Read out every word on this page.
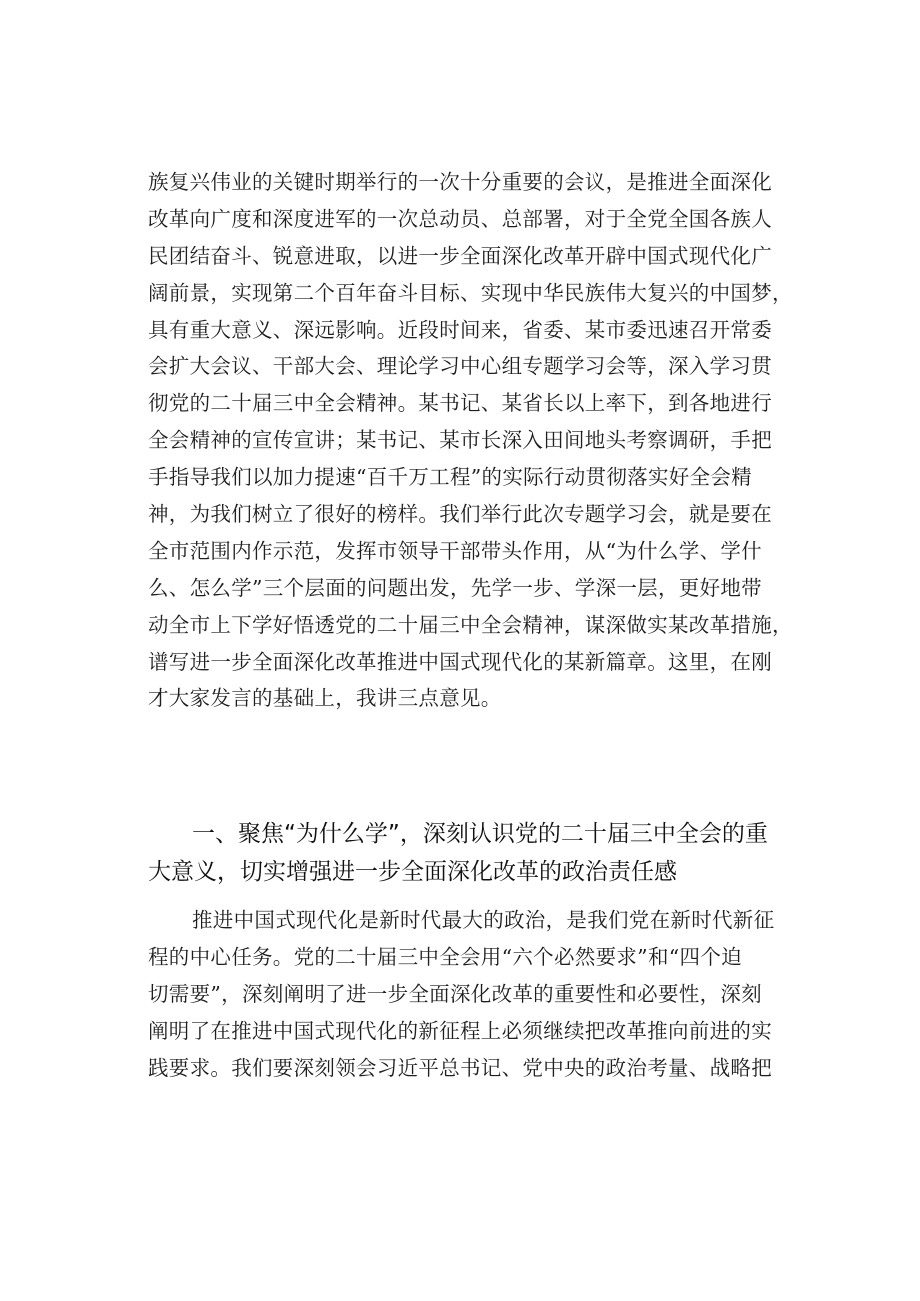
族复兴伟业的关键时期举行的一次十分重要的会议，是推进全面深化
改革向广度和深度进军的一次总动员、总部署，对于全党全国各族人
民团结奋斗、锐意进取，以进一步全面深化改革开辟中国式现代化广
阔前景，实现第二个百年奋斗目标、实现中华民族伟大复兴的中国梦，
具有重大意义、深远影响。近段时间来，省委、某市委迅速召开常委
会扩大会议、干部大会、理论学习中心组专题学习会等，深入学习贯
彻党的二十届三中全会精神。某书记、某省长以上率下，到各地进行
全会精神的宣传宣讲；某书记、某市长深入田间地头考察调研，手把
手指导我们以加力提速“百千万工程”的实际行动贯彻落实好全会精
神，为我们树立了很好的榜样。我们举行此次专题学习会，就是要在
全市范围内作示范，发挥市领导干部带头作用，从“为什么学、学什
么、怎么学”三个层面的问题出发，先学一步、学深一层，更好地带
动全市上下学好悟透党的二十届三中全会精神，谋深做实某改革措施，
谱写进一步全面深化改革推进中国式现代化的某新篇章。这里，在刚
才大家发言的基础上，我讲三点意见。
一、聚焦“为什么学”，深刻认识党的二十届三中全会的重
大意义，切实增强进一步全面深化改革的政治责任感
推进中国式现代化是新时代最大的政治，是我们党在新时代新征
程的中心任务。党的二十届三中全会用“六个必然要求”和“四个迫
切需要”，深刻阐明了进一步全面深化改革的重要性和必要性，深刻
阐明了在推进中国式现代化的新征程上必须继续把改革推向前进的实
践要求。我们要深刻领会习近平总书记、党中央的政治考量、战略把
